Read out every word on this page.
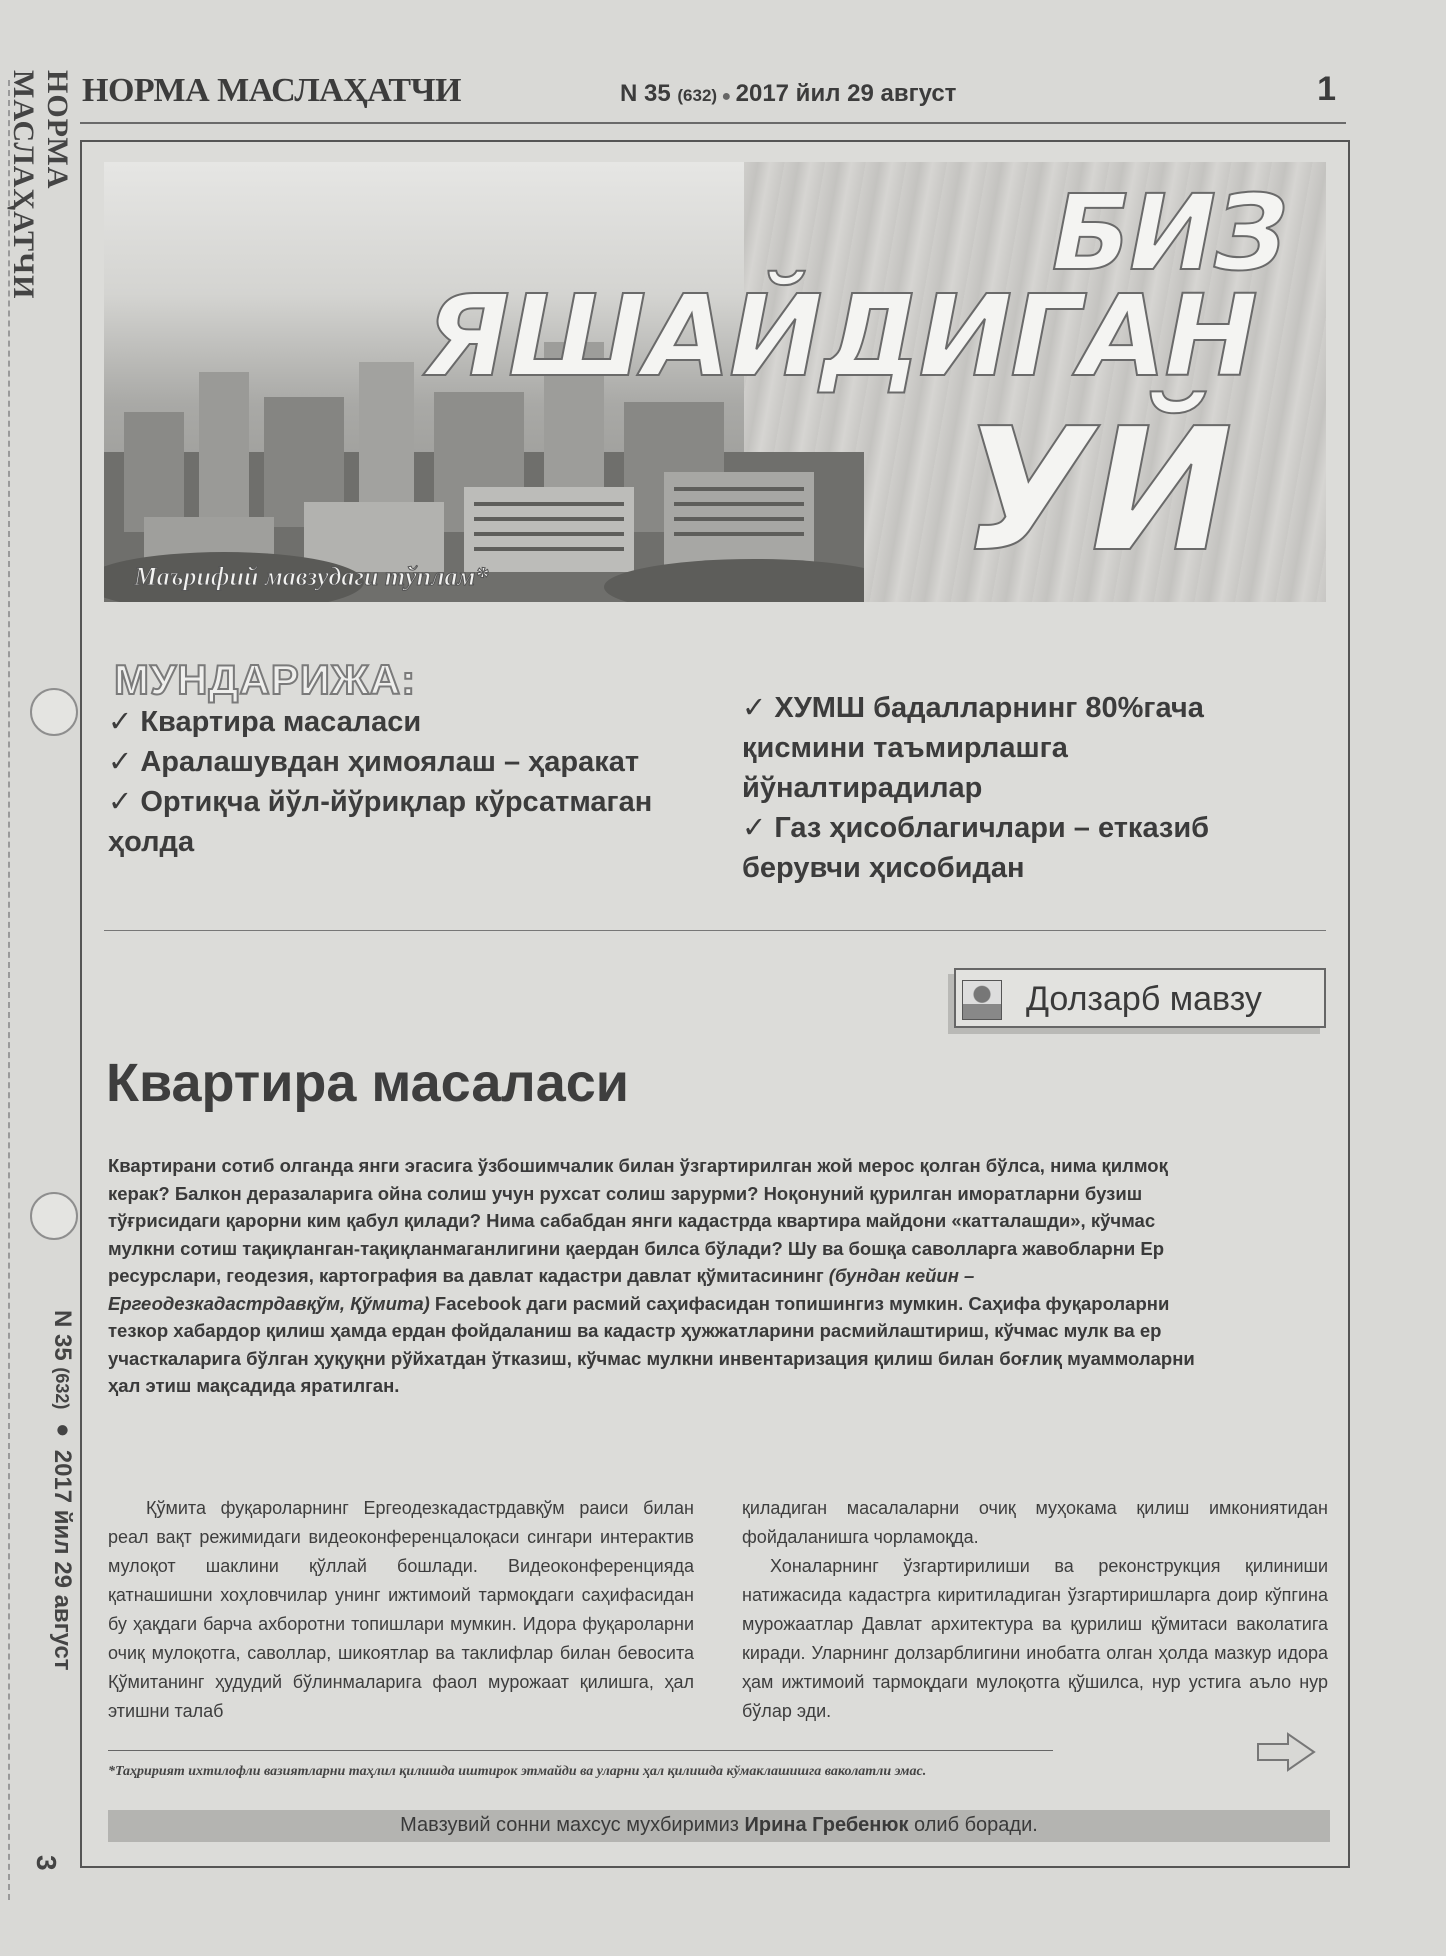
НОРМА МАСЛАҲАТЧИ
N 35 (632) ● 2017 йил 29 август
3
НОРМА МАСЛАҲАТЧИ	N 35 (632) ● 2017 йил 29 август	1
БИЗ
ЯШАЙДИГАН
УЙ
Маърифий мавзудаги тўплам*
МУНДАРИЖА:
✓ Квартира масаласи
✓ Аралашувдан ҳимоялаш – ҳаракат
✓ Ортиқча йўл-йўриқлар кўрсатмаган ҳолда
✓ ХУМШ бадалларнинг 80%гача қисмини таъмирлашга йўналтирадилар
✓ Газ ҳисоблагичлари – етказиб берувчи ҳисобидан
Долзарб мавзу
Квартира масаласи
Квартирани сотиб олганда янги эгасига ўзбошимчалик билан ўзгартирилган жой мерос қолган бўлса, нима қилмоқ керак? Балкон деразаларига ойна солиш учун рухсат солиш зарурми? Ноқонуний қурилган иморатларни бузиш тўғрисидаги қарорни ким қабул қилади? Нима сабабдан янги кадастрда квартира майдони «катталашди», кўчмас мулкни сотиш тақиқланган-тақиқланмаганлигини қаердан билса бўлади? Шу ва бошқа саволларга жавобларни Ер ресурслари, геодезия, картография ва давлат кадастри давлат қўмитасининг (бундан кейин – Ергеодезкадастрдавқўм, Қўмита) Facebook даги расмий саҳифасидан топишингиз мумкин. Саҳифа фуқароларни тезкор хабардор қилиш ҳамда ердан фойдаланиш ва кадастр ҳужжатларини расмийлаштириш, кўчмас мулк ва ер участкаларига бўлган ҳуқуқни рўйхатдан ўтказиш, кўчмас мулкни инвентаризация қилиш билан боғлиқ муаммоларни ҳал этиш мақсадида яратилган.

Қўмита фуқароларнинг Ергеодезкадастрдавқўм раиси билан реал вақт режимидаги видеоконференцалоқаси сингари интерактив мулоқот шаклини қўллай бошлади. Видеоконференцияда қатнашишни хоҳловчилар унинг ижтимоий тармоқдаги саҳифасидан бу ҳақдаги барча ахборотни топишлари мумкин. Идора фуқароларни очиқ мулоқотга, саволлар, шикоятлар ва таклифлар билан бевосита Қўмитанинг ҳудудий бўлинмаларига фаол мурожаат қилишга, ҳал этишни талаб

қиладиган масалаларни очиқ муҳокама қилиш имкониятидан фойдаланишга чорламоқда.

Хоналарнинг ўзгартирилиши ва реконструкция қилиниши натижасида кадастрга киритиладиган ўзгартиришларга доир кўпгина мурожаатлар Давлат архитектура ва қурилиш қўмитаси ваколатига киради. Уларнинг долзарблигини инобатга олган ҳолда мазкур идора ҳам ижтимоий тармоқдаги мулоқотга қўшилса, нур устига аъло нур бўлар эди.

*Таҳририят ихтилофли вазиятларни таҳлил қилишда иштирок этмайди ва уларни ҳал қилишда кўмаклашишга ваколатли эмас.
Мавзувий сонни махсус мухбиримиз Ирина Гребенюк олиб боради.
